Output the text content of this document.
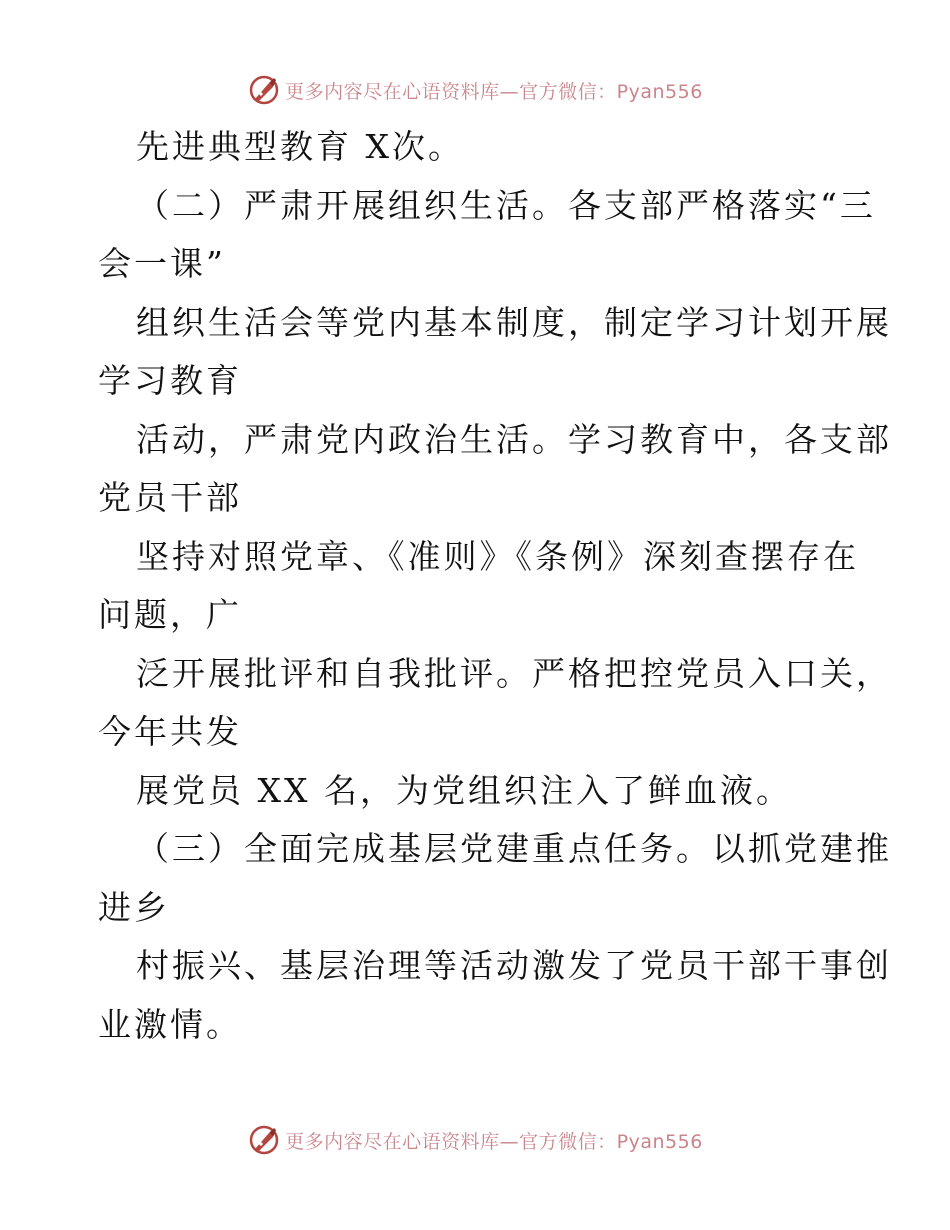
更多内容尽在心语资料库—官方微信：Pyan556
先进典型教育 X次。
（二）严肃开展组织生活。各支部严格落实“三
会一课”
组织生活会等党内基本制度，制定学习计划开展
学习教育
活动，严肃党内政治生活。学习教育中，各支部
党员干部
坚持对照党章、《准则》《条例》深刻查摆存在
问题，广
泛开展批评和自我批评。严格把控党员入口关，
今年共发
展党员 XX 名，为党组织注入了鲜血液。
（三）全面完成基层党建重点任务。以抓党建推
进乡
村振兴、基层治理等活动激发了党员干部干事创
业激情。
更多内容尽在心语资料库—官方微信：Pyan556
